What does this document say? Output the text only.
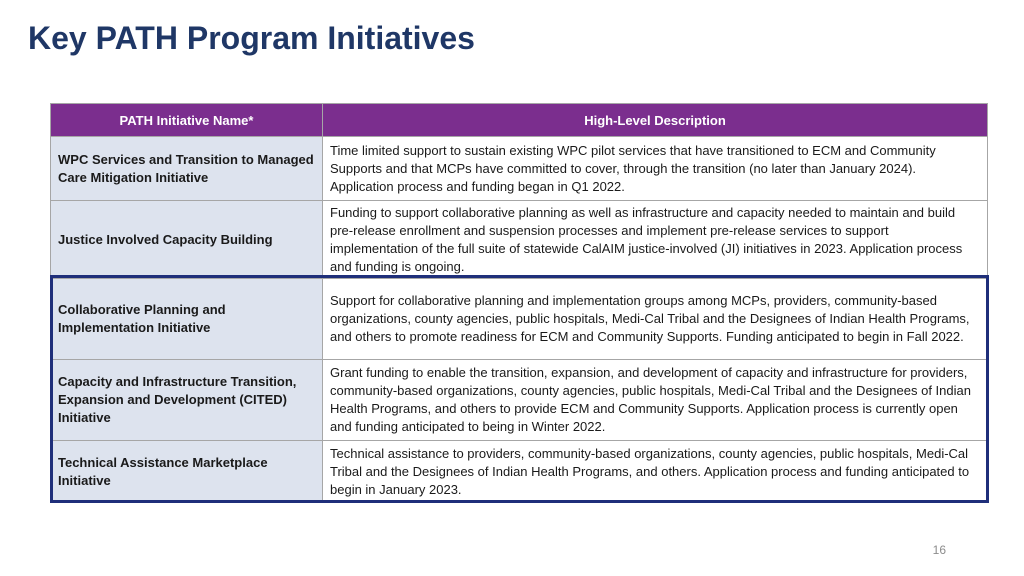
Key PATH Program Initiatives
PATH Initiative Name*	High-Level Description
WPC Services and Transition to Managed Care Mitigation Initiative	Time limited support to sustain existing WPC pilot services that have transitioned to ECM and Community Supports and that MCPs have committed to cover, through the transition (no later than January 2024). Application process and funding began in Q1 2022.
Justice Involved Capacity Building	Funding to support collaborative planning as well as infrastructure and capacity needed to maintain and build pre-release enrollment and suspension processes and implement pre-release services to support implementation of the full suite of statewide CalAIM justice-involved (JI) initiatives in 2023. Application process and funding is ongoing.
Collaborative Planning and Implementation Initiative	Support for collaborative planning and implementation groups among MCPs, providers, community-based organizations, county agencies, public hospitals, Medi-Cal Tribal and the Designees of Indian Health Programs, and others to promote readiness for ECM and Community Supports. Funding anticipated to begin in Fall 2022.
Capacity and Infrastructure Transition, Expansion and Development (CITED) Initiative	Grant funding to enable the transition, expansion, and development of capacity and infrastructure for providers, community-based organizations, county agencies, public hospitals, Medi-Cal Tribal and the Designees of Indian Health Programs, and others to provide ECM and Community Supports. Application process is currently open and funding anticipated to being in Winter 2022.
Technical Assistance Marketplace Initiative	Technical assistance to providers, community-based organizations, county agencies, public hospitals, Medi-Cal Tribal and the Designees of Indian Health Programs, and others. Application process and funding anticipated to begin in January 2023.
16
